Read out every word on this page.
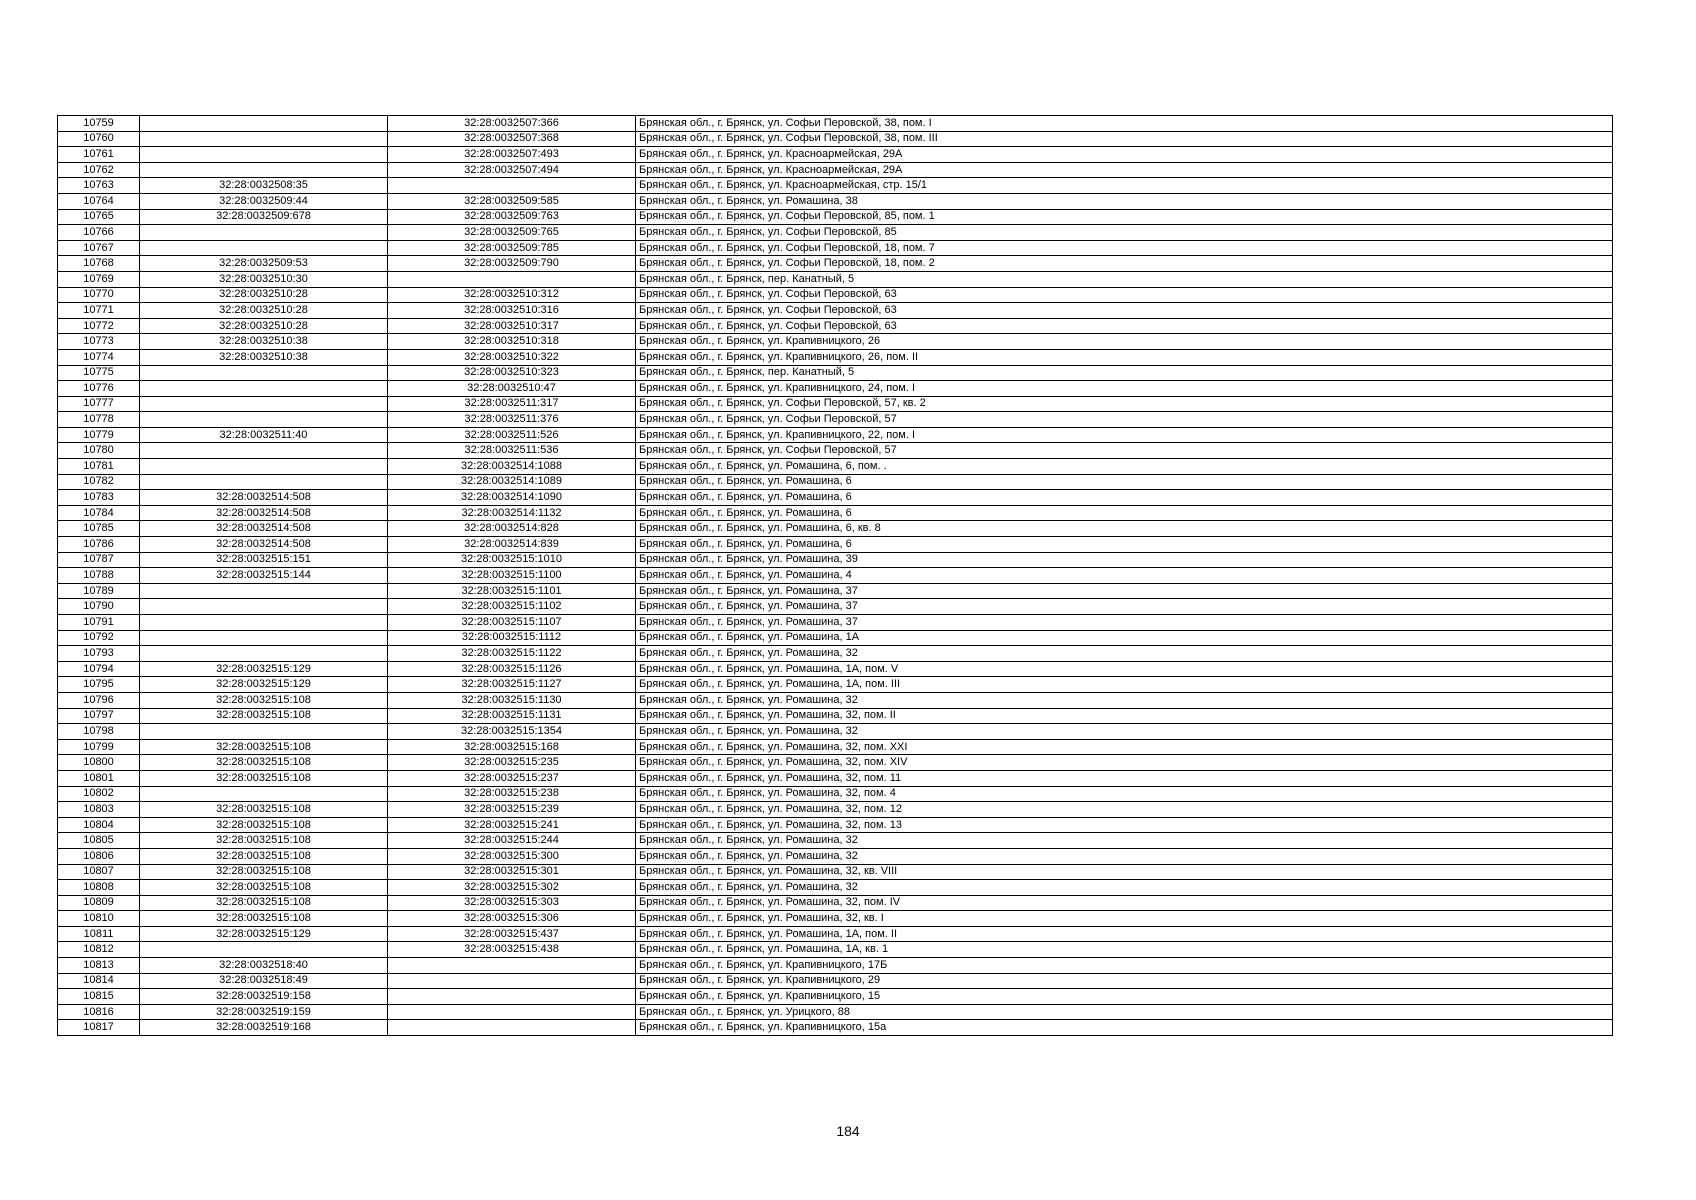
10759		32:28:0032507:366	Брянская обл., г. Брянск, ул. Софьи Перовской, 38, пом. I
10760		32:28:0032507:368	Брянская обл., г. Брянск, ул. Софьи Перовской, 38, пом. III
10761		32:28:0032507:493	Брянская обл., г. Брянск, ул. Красноармейская, 29А
10762		32:28:0032507:494	Брянская обл., г. Брянск, ул. Красноармейская, 29А
10763	32:28:0032508:35		Брянская обл., г. Брянск, ул. Красноармейская, стр. 15/1
10764	32:28:0032509:44	32:28:0032509:585	Брянская обл., г. Брянск, ул. Ромашина, 38
10765	32:28:0032509:678	32:28:0032509:763	Брянская обл., г. Брянск, ул. Софьи Перовской, 85, пом. 1
10766		32:28:0032509:765	Брянская обл., г. Брянск, ул. Софьи Перовской, 85
10767		32:28:0032509:785	Брянская обл., г. Брянск, ул. Софьи Перовской, 18, пом. 7
10768	32:28:0032509:53	32:28:0032509:790	Брянская обл., г. Брянск, ул. Софьи Перовской, 18, пом. 2
10769	32:28:0032510:30		Брянская обл., г. Брянск, пер. Канатный, 5
10770	32:28:0032510:28	32:28:0032510:312	Брянская обл., г. Брянск, ул. Софьи Перовской, 63
10771	32:28:0032510:28	32:28:0032510:316	Брянская обл., г. Брянск, ул. Софьи Перовской, 63
10772	32:28:0032510:28	32:28:0032510:317	Брянская обл., г. Брянск, ул. Софьи Перовской, 63
10773	32:28:0032510:38	32:28:0032510:318	Брянская обл., г. Брянск, ул. Крапивницкого, 26
10774	32:28:0032510:38	32:28:0032510:322	Брянская обл., г. Брянск, ул. Крапивницкого, 26, пом. II
10775		32:28:0032510:323	Брянская обл., г. Брянск, пер. Канатный, 5
10776		32:28:0032510:47	Брянская обл., г. Брянск, ул. Крапивницкого, 24, пом. I
10777		32:28:0032511:317	Брянская обл., г. Брянск, ул. Софьи Перовской, 57, кв. 2
10778		32:28:0032511:376	Брянская обл., г. Брянск, ул. Софьи Перовской, 57
10779	32:28:0032511:40	32:28:0032511:526	Брянская обл., г. Брянск, ул. Крапивницкого, 22, пом. I
10780		32:28:0032511:536	Брянская обл., г. Брянск, ул. Софьи Перовской, 57
10781		32:28:0032514:1088	Брянская обл., г. Брянск, ул. Ромашина, 6, пом. .
10782		32:28:0032514:1089	Брянская обл., г. Брянск, ул. Ромашина, 6
10783	32:28:0032514:508	32:28:0032514:1090	Брянская обл., г. Брянск, ул. Ромашина, 6
10784	32:28:0032514:508	32:28:0032514:1132	Брянская обл., г. Брянск, ул. Ромашина, 6
10785	32:28:0032514:508	32:28:0032514:828	Брянская обл., г. Брянск, ул. Ромашина, 6, кв. 8
10786	32:28:0032514:508	32:28:0032514:839	Брянская обл., г. Брянск, ул. Ромашина, 6
10787	32:28:0032515:151	32:28:0032515:1010	Брянская обл., г. Брянск, ул. Ромашина, 39
10788	32:28:0032515:144	32:28:0032515:1100	Брянская обл., г. Брянск, ул. Ромашина, 4
10789		32:28:0032515:1101	Брянская обл., г. Брянск, ул. Ромашина, 37
10790		32:28:0032515:1102	Брянская обл., г. Брянск, ул. Ромашина, 37
10791		32:28:0032515:1107	Брянская обл., г. Брянск, ул. Ромашина, 37
10792		32:28:0032515:1112	Брянская обл., г. Брянск, ул. Ромашина, 1А
10793		32:28:0032515:1122	Брянская обл., г. Брянск, ул. Ромашина, 32
10794	32:28:0032515:129	32:28:0032515:1126	Брянская обл., г. Брянск, ул. Ромашина, 1А, пом. V
10795	32:28:0032515:129	32:28:0032515:1127	Брянская обл., г. Брянск, ул. Ромашина, 1А, пом. III
10796	32:28:0032515:108	32:28:0032515:1130	Брянская обл., г. Брянск, ул. Ромашина, 32
10797	32:28:0032515:108	32:28:0032515:1131	Брянская обл., г. Брянск, ул. Ромашина, 32, пом. II
10798		32:28:0032515:1354	Брянская обл., г. Брянск, ул. Ромашина, 32
10799	32:28:0032515:108	32:28:0032515:168	Брянская обл., г. Брянск, ул. Ромашина, 32, пом. XXI
10800	32:28:0032515:108	32:28:0032515:235	Брянская обл., г. Брянск, ул. Ромашина, 32, пом. XIV
10801	32:28:0032515:108	32:28:0032515:237	Брянская обл., г. Брянск, ул. Ромашина, 32, пом. 11
10802		32:28:0032515:238	Брянская обл., г. Брянск, ул. Ромашина, 32, пом. 4
10803	32:28:0032515:108	32:28:0032515:239	Брянская обл., г. Брянск, ул. Ромашина, 32, пом. 12
10804	32:28:0032515:108	32:28:0032515:241	Брянская обл., г. Брянск, ул. Ромашина, 32, пом. 13
10805	32:28:0032515:108	32:28:0032515:244	Брянская обл., г. Брянск, ул. Ромашина, 32
10806	32:28:0032515:108	32:28:0032515:300	Брянская обл., г. Брянск, ул. Ромашина, 32
10807	32:28:0032515:108	32:28:0032515:301	Брянская обл., г. Брянск, ул. Ромашина, 32, кв. VIII
10808	32:28:0032515:108	32:28:0032515:302	Брянская обл., г. Брянск, ул. Ромашина, 32
10809	32:28:0032515:108	32:28:0032515:303	Брянская обл., г. Брянск, ул. Ромашина, 32, пом. IV
10810	32:28:0032515:108	32:28:0032515:306	Брянская обл., г. Брянск, ул. Ромашина, 32, кв. I
10811	32:28:0032515:129	32:28:0032515:437	Брянская обл., г. Брянск, ул. Ромашина, 1А, пом. II
10812		32:28:0032515:438	Брянская обл., г. Брянск, ул. Ромашина, 1А, кв. 1
10813	32:28:0032518:40		Брянская обл., г. Брянск, ул. Крапивницкого, 17Б
10814	32:28:0032518:49		Брянская обл., г. Брянск, ул. Крапивницкого, 29
10815	32:28:0032519:158		Брянская обл., г. Брянск, ул. Крапивницкого, 15
10816	32:28:0032519:159		Брянская обл., г. Брянск, ул. Урицкого, 88
10817	32:28:0032519:168		Брянская обл., г. Брянск, ул. Крапивницкого, 15а
184
